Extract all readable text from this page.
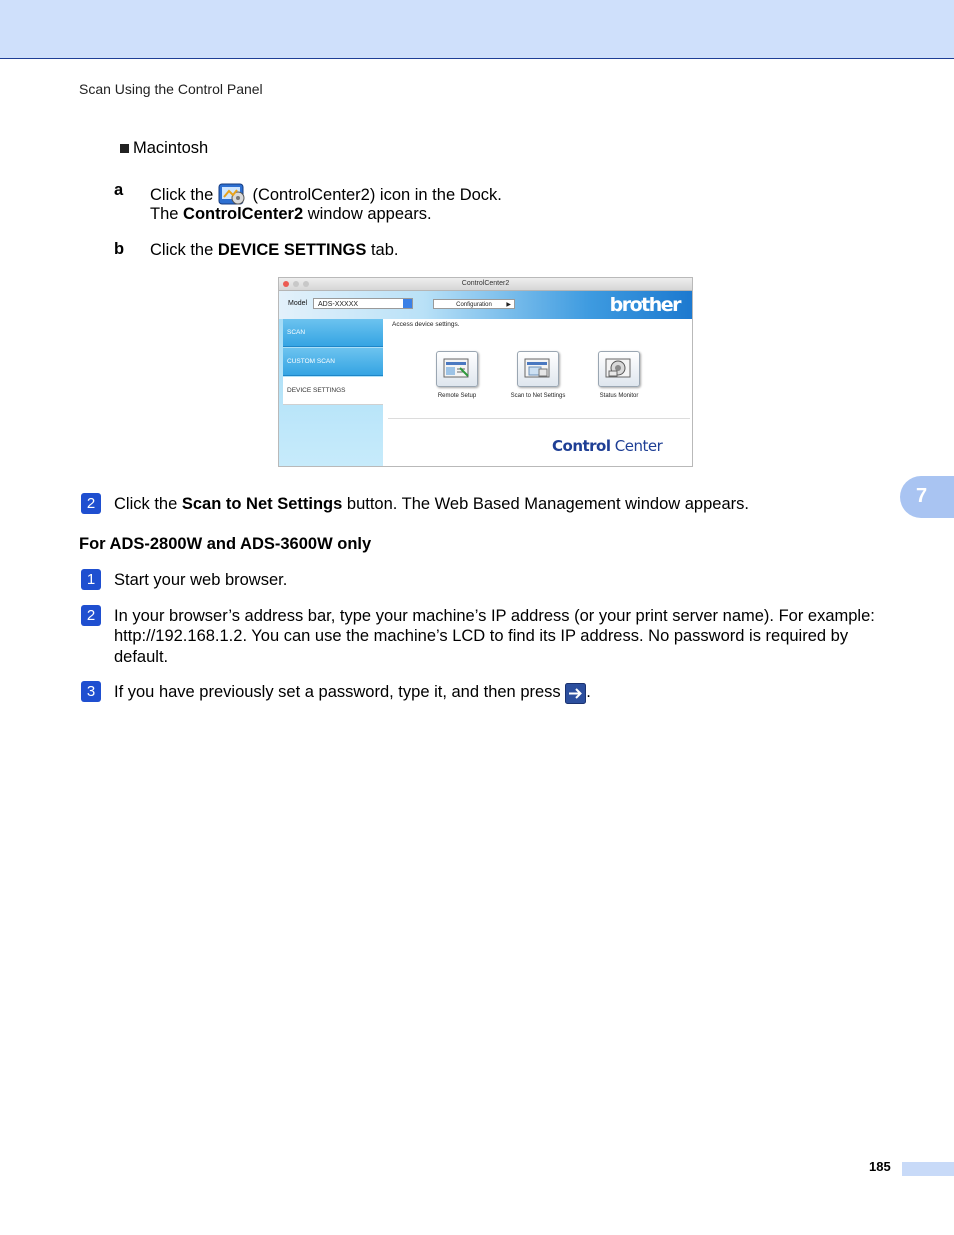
Scan Using the Control Panel
Macintosh
a Click the  (ControlCenter2) icon in the Dock.
The ControlCenter2 window appears.
b Click the DEVICE SETTINGS tab.
ControlCenter2
Model	ADS-XXXXX	Configuration ▶	brother
SCAN
CUSTOM SCAN
DEVICE SETTINGS
Access device settings.
Remote Setup	Scan to Net Settings	Status Monitor
Control Center
2	Click the Scan to Net Settings button. The Web Based Management window appears.	7
For ADS-2800W and ADS-3600W only
1	Start your web browser.
2	In your browser’s address bar, type your machine’s IP address (or your print server name). For example:
http://192.168.1.2. You can use the machine’s LCD to find its IP address. No password is required by
default.
3	If you have previously set a password, type it, and then press .
185
